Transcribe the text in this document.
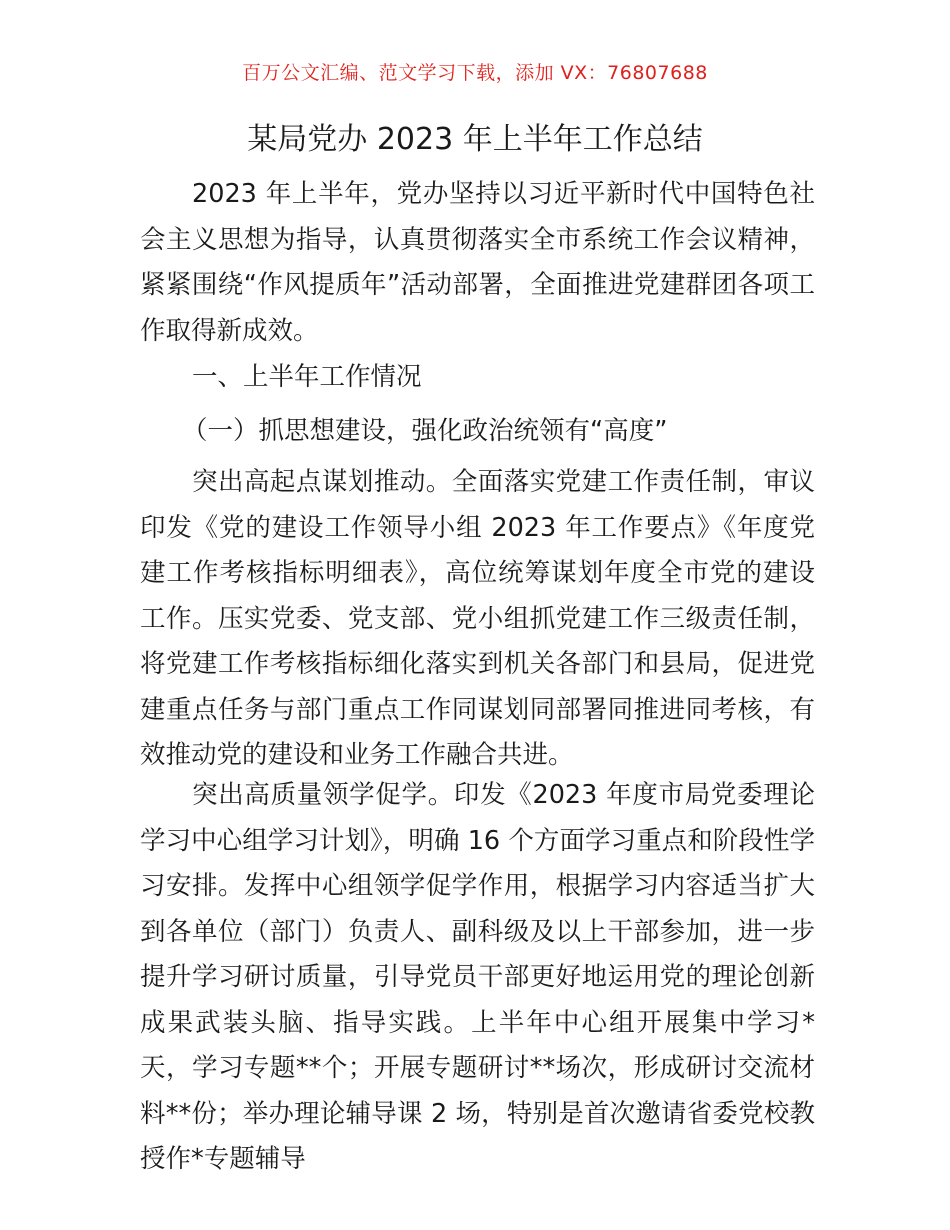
百万公文汇编、范文学习下载，添加 VX：76807688
某局党办 2023 年上半年工作总结

2023 年上半年，党办坚持以习近平新时代中国特色社会主义思想为指导，认真贯彻落实全市系统工作会议精神，紧紧围绕“作风提质年”活动部署，全面推进党建群团各项工作取得新成效。

一、上半年工作情况

（一）抓思想建设，强化政治统领有“高度”

突出高起点谋划推动。全面落实党建工作责任制，审议印发《党的建设工作领导小组 2023 年工作要点》《年度党建工作考核指标明细表》，高位统筹谋划年度全市党的建设工作。压实党委、党支部、党小组抓党建工作三级责任制，将党建工作考核指标细化落实到机关各部门和县局，促进党建重点任务与部门重点工作同谋划同部署同推进同考核，有效推动党的建设和业务工作融合共进。

突出高质量领学促学。印发《2023 年度市局党委理论学习中心组学习计划》，明确 16 个方面学习重点和阶段性学习安排。发挥中心组领学促学作用，根据学习内容适当扩大到各单位（部门）负责人、副科级及以上干部参加，进一步提升学习研讨质量，引导党员干部更好地运用党的理论创新成果武装头脑、指导实践。上半年中心组开展集中学习*天，学习专题**个；开展专题研讨**场次，形成研讨交流材料**份；举办理论辅导课 2 场，特别是首次邀请省委党校教授作*专题辅导
